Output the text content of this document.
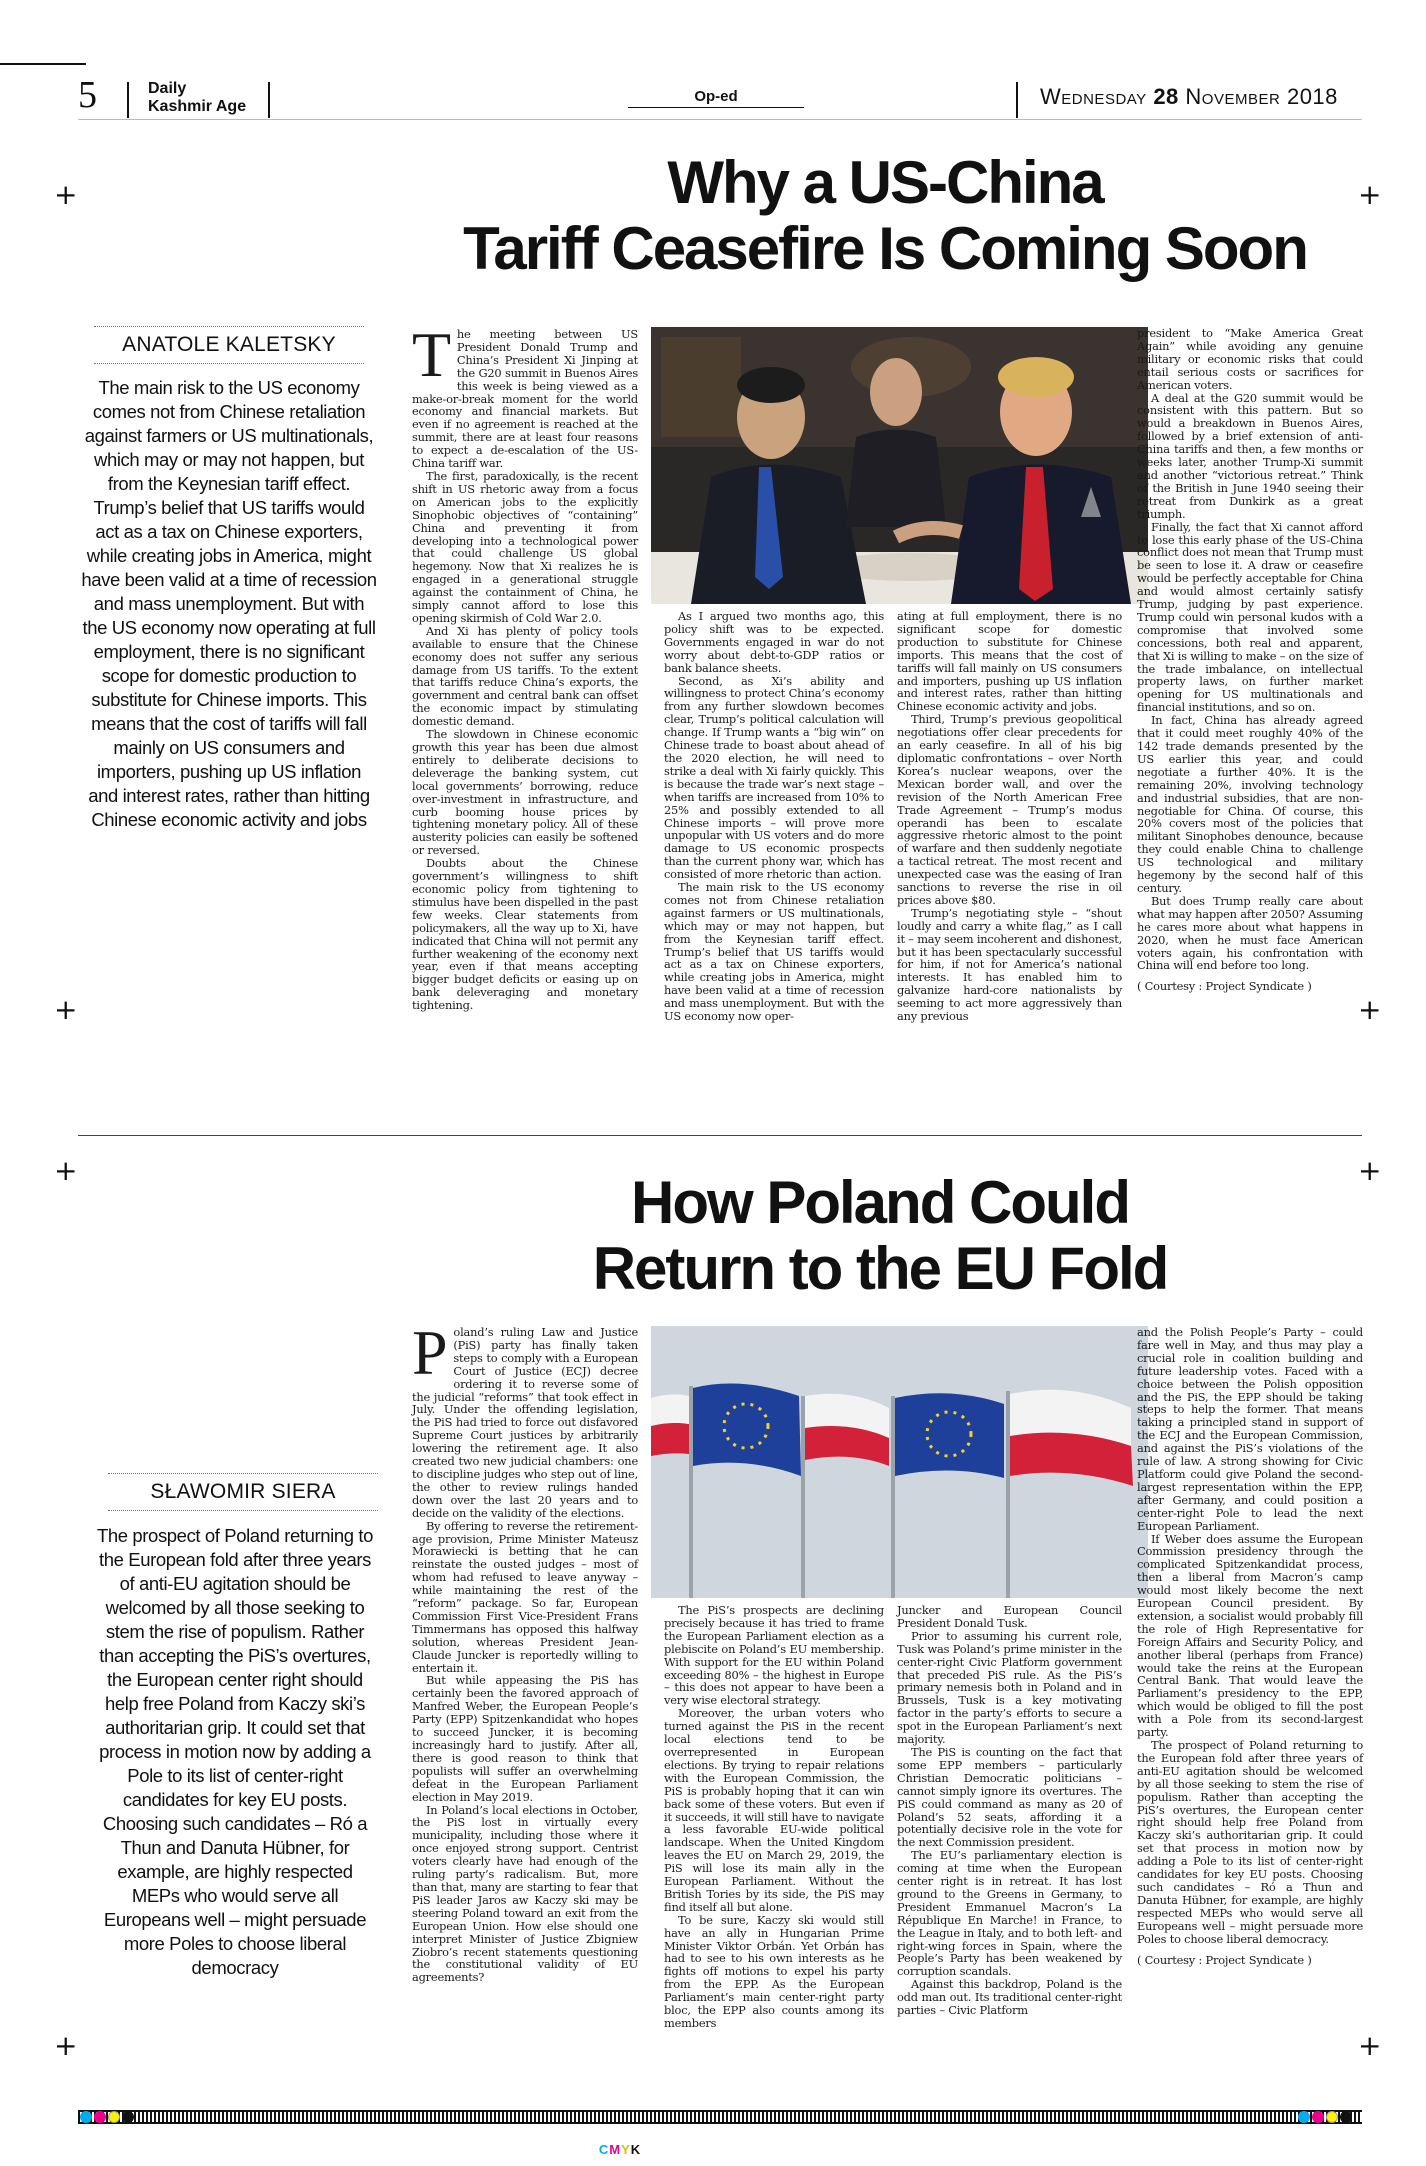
5	Daily
Kashmir Age
Op-ed	Wednesday 28 November 2018
+	+
+	+
+	+
+	+
Why a US-China
Tariff Ceasefire Is Coming Soon
ANATOLE KALETSKY
The main risk to the US economy comes not from Chinese retaliation against farmers or US multinationals, which may or may not happen, but from the Keynesian tariff effect. Trump’s belief that US tariffs would act as a tax on Chinese exporters, while creating jobs in America, might have been valid at a time of recession and mass unemployment. But with the US economy now operating at full employment, there is no significant scope for domestic production to substitute for Chinese imports. This means that the cost of tariffs will fall mainly on US consumers and importers, pushing up US inflation and interest rates, rather than hitting Chinese economic activity and jobs

The meeting between US President Donald Trump and China’s President Xi Jinping at the G20 summit in Buenos Aires this week is being viewed as a make-or-break moment for the world economy and financial markets. But even if no agreement is reached at the summit, there are at least four reasons to expect a de-escalation of the US-China tariff war.

The first, paradoxically, is the recent shift in US rhetoric away from a focus on American jobs to the explicitly Sinophobic objectives of “containing” China and preventing it from developing into a technological power that could challenge US global hegemony. Now that Xi realizes he is engaged in a generational struggle against the containment of China, he simply cannot afford to lose this opening skirmish of Cold War 2.0.

And Xi has plenty of policy tools available to ensure that the Chinese economy does not suffer any serious damage from US tariffs. To the extent that tariffs reduce China’s exports, the government and central bank can offset the economic impact by stimulating domestic demand.

The slowdown in Chinese economic growth this year has been due almost entirely to deliberate decisions to deleverage the banking system, cut local governments’ borrowing, reduce over-investment in infrastructure, and curb booming house prices by tightening monetary policy. All of these austerity policies can easily be softened or reversed.

Doubts about the Chinese government’s willingness to shift economic policy from tightening to stimulus have been dispelled in the past few weeks. Clear statements from policymakers, all the way up to Xi, have indicated that China will not permit any further weakening of the economy next year, even if that means accepting bigger budget deficits or easing up on bank deleveraging and monetary tightening.

As I argued two months ago, this policy shift was to be expected. Governments engaged in war do not worry about debt-to-GDP ratios or bank balance sheets.

Second, as Xi’s ability and willingness to protect China’s economy from any further slowdown becomes clear, Trump’s political calculation will change. If Trump wants a “big win” on Chinese trade to boast about ahead of the 2020 election, he will need to strike a deal with Xi fairly quickly. This is because the trade war’s next stage – when tariffs are increased from 10% to 25% and possibly extended to all Chinese imports – will prove more unpopular with US voters and do more damage to US economic prospects than the current phony war, which has consisted of more rhetoric than action.

The main risk to the US economy comes not from Chinese retaliation against farmers or US multinationals, which may or may not happen, but from the Keynesian tariff effect. Trump’s belief that US tariffs would act as a tax on Chinese exporters, while creating jobs in America, might have been valid at a time of recession and mass unemployment. But with the US economy now oper-

ating at full employment, there is no significant scope for domestic production to substitute for Chinese imports. This means that the cost of tariffs will fall mainly on US consumers and importers, pushing up US inflation and interest rates, rather than hitting Chinese economic activity and jobs.

Third, Trump’s previous geopolitical negotiations offer clear precedents for an early ceasefire. In all of his big diplomatic confrontations – over North Korea’s nuclear weapons, over the Mexican border wall, and over the revision of the North American Free Trade Agreement – Trump’s modus operandi has been to escalate aggressive rhetoric almost to the point of warfare and then suddenly negotiate a tactical retreat. The most recent and unexpected case was the easing of Iran sanctions to reverse the rise in oil prices above $80.

Trump’s negotiating style – “shout loudly and carry a white flag,” as I call it – may seem incoherent and dishonest, but it has been spectacularly successful for him, if not for America’s national interests. It has enabled him to galvanize hard-core nationalists by seeming to act more aggressively than any previous

president to “Make America Great Again” while avoiding any genuine military or economic risks that could entail serious costs or sacrifices for American voters.

A deal at the G20 summit would be consistent with this pattern. But so would a breakdown in Buenos Aires, followed by a brief extension of anti-China tariffs and then, a few months or weeks later, another Trump-Xi summit and another “victorious retreat.” Think of the British in June 1940 seeing their retreat from Dunkirk as a great triumph.

Finally, the fact that Xi cannot afford to lose this early phase of the US-China conflict does not mean that Trump must be seen to lose it. A draw or ceasefire would be perfectly acceptable for China and would almost certainly satisfy Trump, judging by past experience. Trump could win personal kudos with a compromise that involved some concessions, both real and apparent, that Xi is willing to make – on the size of the trade imbalance, on intellectual property laws, on further market opening for US multinationals and financial institutions, and so on.

In fact, China has already agreed that it could meet roughly 40% of the 142 trade demands presented by the US earlier this year, and could negotiate a further 40%. It is the remaining 20%, involving technology and industrial subsidies, that are non-negotiable for China. Of course, this 20% covers most of the policies that militant Sinophobes denounce, because they could enable China to challenge US technological and military hegemony by the second half of this century.

But does Trump really care about what may happen after 2050? Assuming he cares more about what happens in 2020, when he must face American voters again, his confrontation with China will end before too long.

( Courtesy : Project Syndicate )

How Poland Could
Return to the EU Fold
SŁAWOMIR SIERA
The prospect of Poland returning to the European fold after three years of anti-EU agitation should be welcomed by all those seeking to stem the rise of populism. Rather than accepting the PiS’s overtures, the European center right should help free Poland from Kaczy ski’s authoritarian grip. It could set that process in motion now by adding a Pole to its list of center-right candidates for key EU posts. Choosing such candidates – Ró a Thun and Danuta Hübner, for example, are highly respected MEPs who would serve all Europeans well – might persuade more Poles to choose liberal democracy

Poland’s ruling Law and Justice (PiS) party has finally taken steps to comply with a European Court of Justice (ECJ) decree ordering it to reverse some of the judicial “reforms” that took effect in July. Under the offending legislation, the PiS had tried to force out disfavored Supreme Court justices by arbitrarily lowering the retirement age. It also created two new judicial chambers: one to discipline judges who step out of line, the other to review rulings handed down over the last 20 years and to decide on the validity of the elections.

By offering to reverse the retirement-age provision, Prime Minister Mateusz Morawiecki is betting that he can reinstate the ousted judges – most of whom had refused to leave anyway – while maintaining the rest of the “reform” package. So far, European Commission First Vice-President Frans Timmermans has opposed this halfway solution, whereas President Jean-Claude Juncker is reportedly willing to entertain it.

But while appeasing the PiS has certainly been the favored approach of Manfred Weber, the European People’s Party (EPP) Spitzenkandidat who hopes to succeed Juncker, it is becoming increasingly hard to justify. After all, there is good reason to think that populists will suffer an overwhelming defeat in the European Parliament election in May 2019.

In Poland’s local elections in October, the PiS lost in virtually every municipality, including those where it once enjoyed strong support. Centrist voters clearly have had enough of the ruling party’s radicalism. But, more than that, many are starting to fear that PiS leader Jaros aw Kaczy ski may be steering Poland toward an exit from the European Union. How else should one interpret Minister of Justice Zbigniew Ziobro’s recent statements questioning the constitutional validity of EU agreements?

The PiS’s prospects are declining precisely because it has tried to frame the European Parliament election as a plebiscite on Poland’s EU membership. With support for the EU within Poland exceeding 80% – the highest in Europe – this does not appear to have been a very wise electoral strategy.

Moreover, the urban voters who turned against the PiS in the recent local elections tend to be overrepresented in European elections. By trying to repair relations with the European Commission, the PiS is probably hoping that it can win back some of these voters. But even if it succeeds, it will still have to navigate a less favorable EU-wide political landscape. When the United Kingdom leaves the EU on March 29, 2019, the PiS will lose its main ally in the European Parliament. Without the British Tories by its side, the PiS may find itself all but alone.

To be sure, Kaczy ski would still have an ally in Hungarian Prime Minister Viktor Orbán. Yet Orbán has had to see to his own interests as he fights off motions to expel his party from the EPP. As the European Parliament’s main center-right party bloc, the EPP also counts among its members

Juncker and European Council President Donald Tusk.

Prior to assuming his current role, Tusk was Poland’s prime minister in the center-right Civic Platform government that preceded PiS rule. As the PiS’s primary nemesis both in Poland and in Brussels, Tusk is a key motivating factor in the party’s efforts to secure a spot in the European Parliament’s next majority.

The PiS is counting on the fact that some EPP members – particularly Christian Democratic politicians – cannot simply ignore its overtures. The PiS could command as many as 20 of Poland’s 52 seats, affording it a potentially decisive role in the vote for the next Commission president.

The EU’s parliamentary election is coming at time when the European center right is in retreat. It has lost ground to the Greens in Germany, to President Emmanuel Macron’s La République En Marche! in France, to the League in Italy, and to both left- and right-wing forces in Spain, where the People’s Party has been weakened by corruption scandals.

Against this backdrop, Poland is the odd man out. Its traditional center-right parties – Civic Platform

and the Polish People’s Party – could fare well in May, and thus may play a crucial role in coalition building and future leadership votes. Faced with a choice between the Polish opposition and the PiS, the EPP should be taking steps to help the former. That means taking a principled stand in support of the ECJ and the European Commission, and against the PiS’s violations of the rule of law. A strong showing for Civic Platform could give Poland the second-largest representation within the EPP, after Germany, and could position a center-right Pole to lead the next European Parliament.

If Weber does assume the European Commission presidency through the complicated Spitzenkandidat process, then a liberal from Macron’s camp would most likely become the next European Council president. By extension, a socialist would probably fill the role of High Representative for Foreign Affairs and Security Policy, and another liberal (perhaps from France) would take the reins at the European Central Bank. That would leave the Parliament’s presidency to the EPP, which would be obliged to fill the post with a Pole from its second-largest party.

The prospect of Poland returning to the European fold after three years of anti-EU agitation should be welcomed by all those seeking to stem the rise of populism. Rather than accepting the PiS’s overtures, the European center right should help free Poland from Kaczy ski’s authoritarian grip. It could set that process in motion now by adding a Pole to its list of center-right candidates for key EU posts. Choosing such candidates – Ró a Thun and Danuta Hübner, for example, are highly respected MEPs who would serve all Europeans well – might persuade more Poles to choose liberal democracy.

( Courtesy : Project Syndicate )

CMYK
